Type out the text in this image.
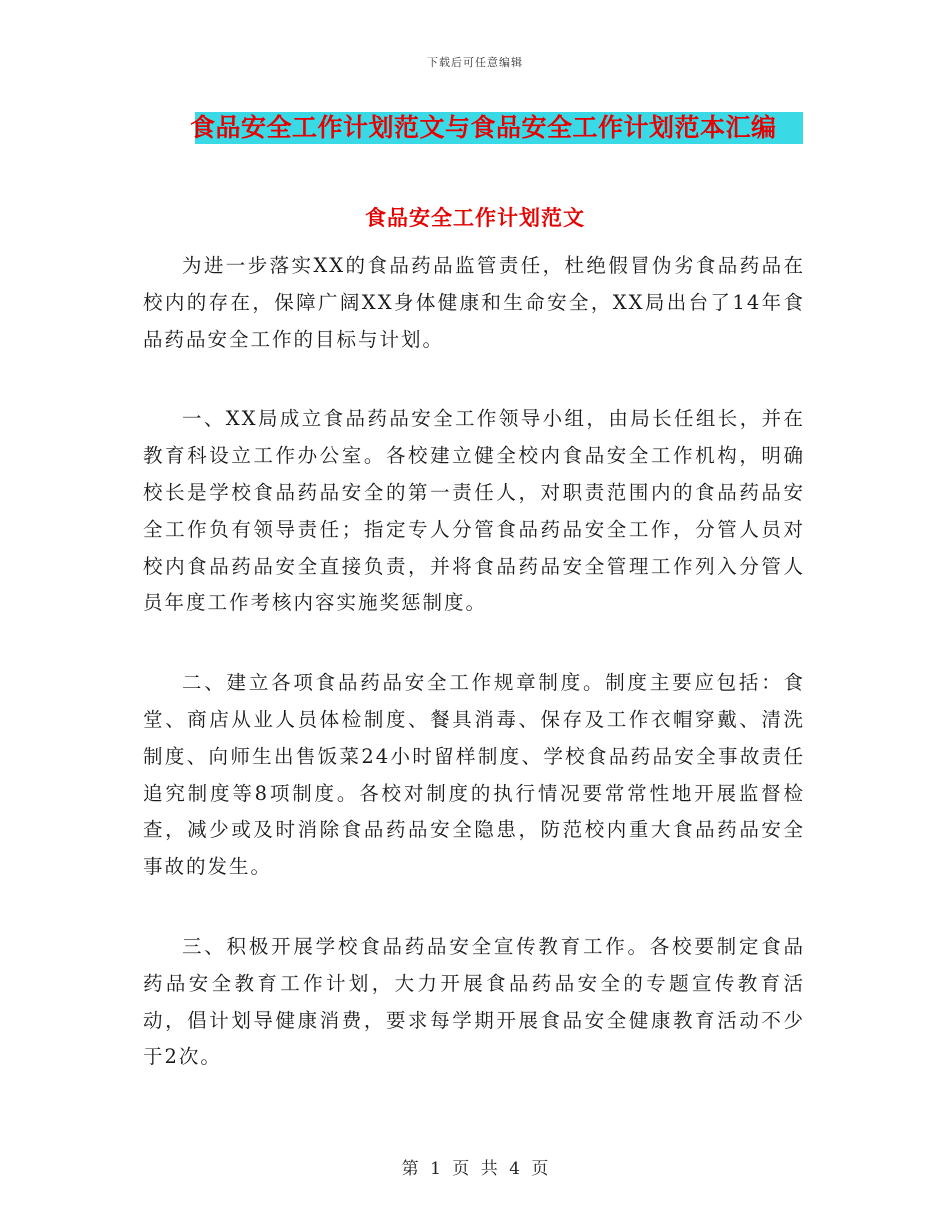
下载后可任意编辑
食品安全工作计划范文与食品安全工作计划范本汇编
食品安全工作计划范文

为进一步落实XX的食品药品监管责任，杜绝假冒伪劣食品药品在校内的存在，保障广阔XX身体健康和生命安全，XX局出台了14年食品药品安全工作的目标与计划。

一、XX局成立食品药品安全工作领导小组，由局长任组长，并在教育科设立工作办公室。各校建立健全校内食品安全工作机构，明确校长是学校食品药品安全的第一责任人，对职责范围内的食品药品安全工作负有领导责任；指定专人分管食品药品安全工作，分管人员对校内食品药品安全直接负责，并将食品药品安全管理工作列入分管人员年度工作考核内容实施奖惩制度。

二、建立各项食品药品安全工作规章制度。制度主要应包括：食堂、商店从业人员体检制度、餐具消毒、保存及工作衣帽穿戴、清洗制度、向师生出售饭菜24小时留样制度、学校食品药品安全事故责任追究制度等8项制度。各校对制度的执行情况要常常性地开展监督检查，减少或及时消除食品药品安全隐患，防范校内重大食品药品安全事故的发生。

三、积极开展学校食品药品安全宣传教育工作。各校要制定食品药品安全教育工作计划，大力开展食品药品安全的专题宣传教育活动，倡计划导健康消费，要求每学期开展食品安全健康教育活动不少于2次。

第 1 页 共 4 页
